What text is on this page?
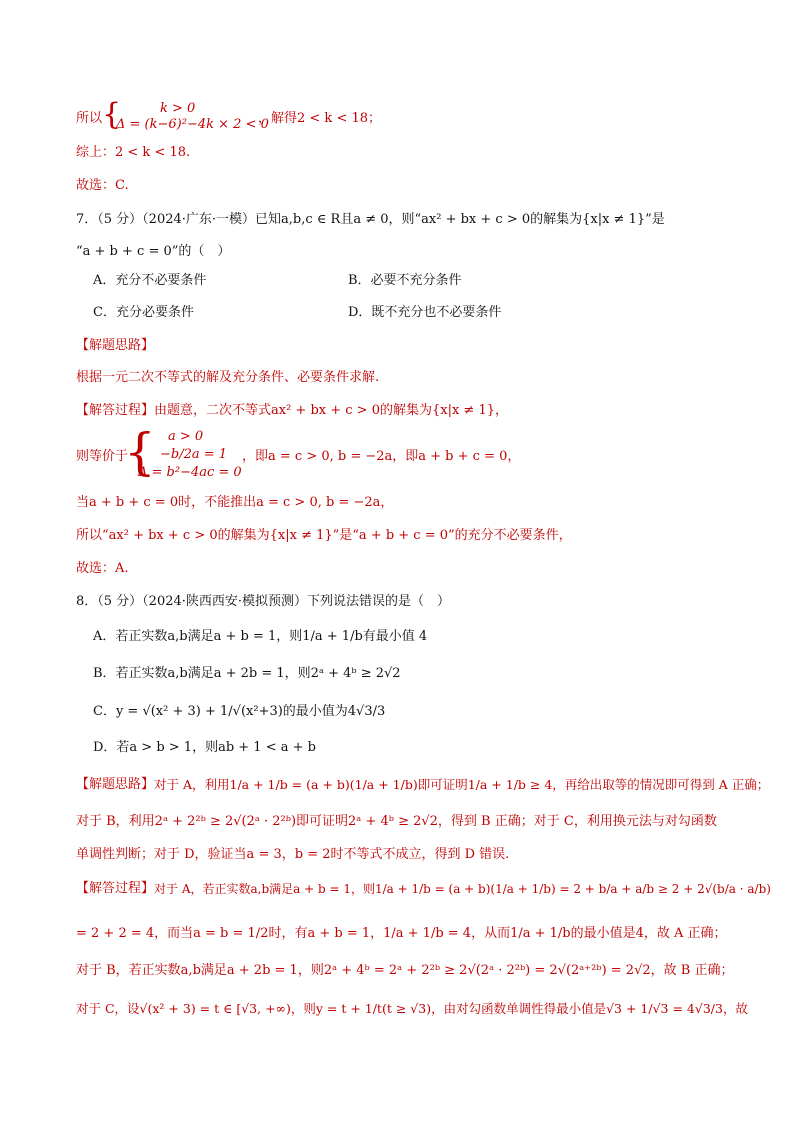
所以 {	k > 0
Δ = (k−6)²−4k × 2 < 0
，解得2 < k < 18；
综上：2 < k < 18.
故选：C.
7．（5 分）（2024·广东·一模）已知a,b,c ∈ R且a ≠ 0，则“ax² + bx + c > 0的解集为{x|x ≠ 1}”是
“a + b + c = 0”的（　）
A．充分不必要条件	B．必要不充分条件
C．充分必要条件	D．既不充分也不必要条件
【解题思路】
根据一元二次不等式的解及充分条件、必要条件求解.
【解答过程】 由题意，二次不等式ax² + bx + c > 0的解集为{x|x ≠ 1}，
则等价于
{ a > 0
−b/2a = 1
Δ = b²−4ac = 0
，即a = c > 0, b = −2a，即a + b + c = 0，
当a + b + c = 0时，不能推出a = c > 0, b = −2a，
所以“ax² + bx + c > 0的解集为{x|x ≠ 1}”是“a + b + c = 0”的充分不必要条件，
故选：A.
8．（5 分）（2024·陕西西安·模拟预测）下列说法错误的是（　）
A．若正实数a,b满足a + b = 1，则1/a + 1/b有最小值 4
B．若正实数a,b满足a + 2b = 1，则2ᵃ + 4ᵇ ≥ 2√2
C．y = √(x² + 3) + 1/√(x²+3)的最小值为4√3/3
D．若a > b > 1，则ab + 1 < a + b
【解题思路】 对于 A，利用1/a + 1/b = (a + b)(1/a + 1/b)即可证明1/a + 1/b ≥ 4，再给出取等的情况即可得到 A 正确；
对于 B，利用2ᵃ + 2²ᵇ ≥ 2√(2ᵃ · 2²ᵇ)即可证明2ᵃ + 4ᵇ ≥ 2√2，得到 B 正确；对于 C，利用换元法与对勾函数
单调性判断；对于 D，验证当a = 3，b = 2时不等式不成立，得到 D 错误.
【解答过程】 对于 A，若正实数a,b满足a + b = 1，则1/a + 1/b = (a + b)(1/a + 1/b) = 2 + b/a + a/b ≥ 2 + 2√(b/a · a/b)
= 2 + 2 = 4，而当a = b = 1/2时，有a + b = 1，1/a + 1/b = 4，从而1/a + 1/b的最小值是4，故 A 正确；
对于 B，若正实数a,b满足a + 2b = 1，则2ᵃ + 4ᵇ = 2ᵃ + 2²ᵇ ≥ 2√(2ᵃ · 2²ᵇ) = 2√(2ᵃ⁺²ᵇ) = 2√2，故 B 正确；
对于 C，设√(x² + 3) = t ∈ [√3, +∞)，则y = t + 1/t(t ≥ √3)，由对勾函数单调性得最小值是√3 + 1/√3 = 4√3/3，故
